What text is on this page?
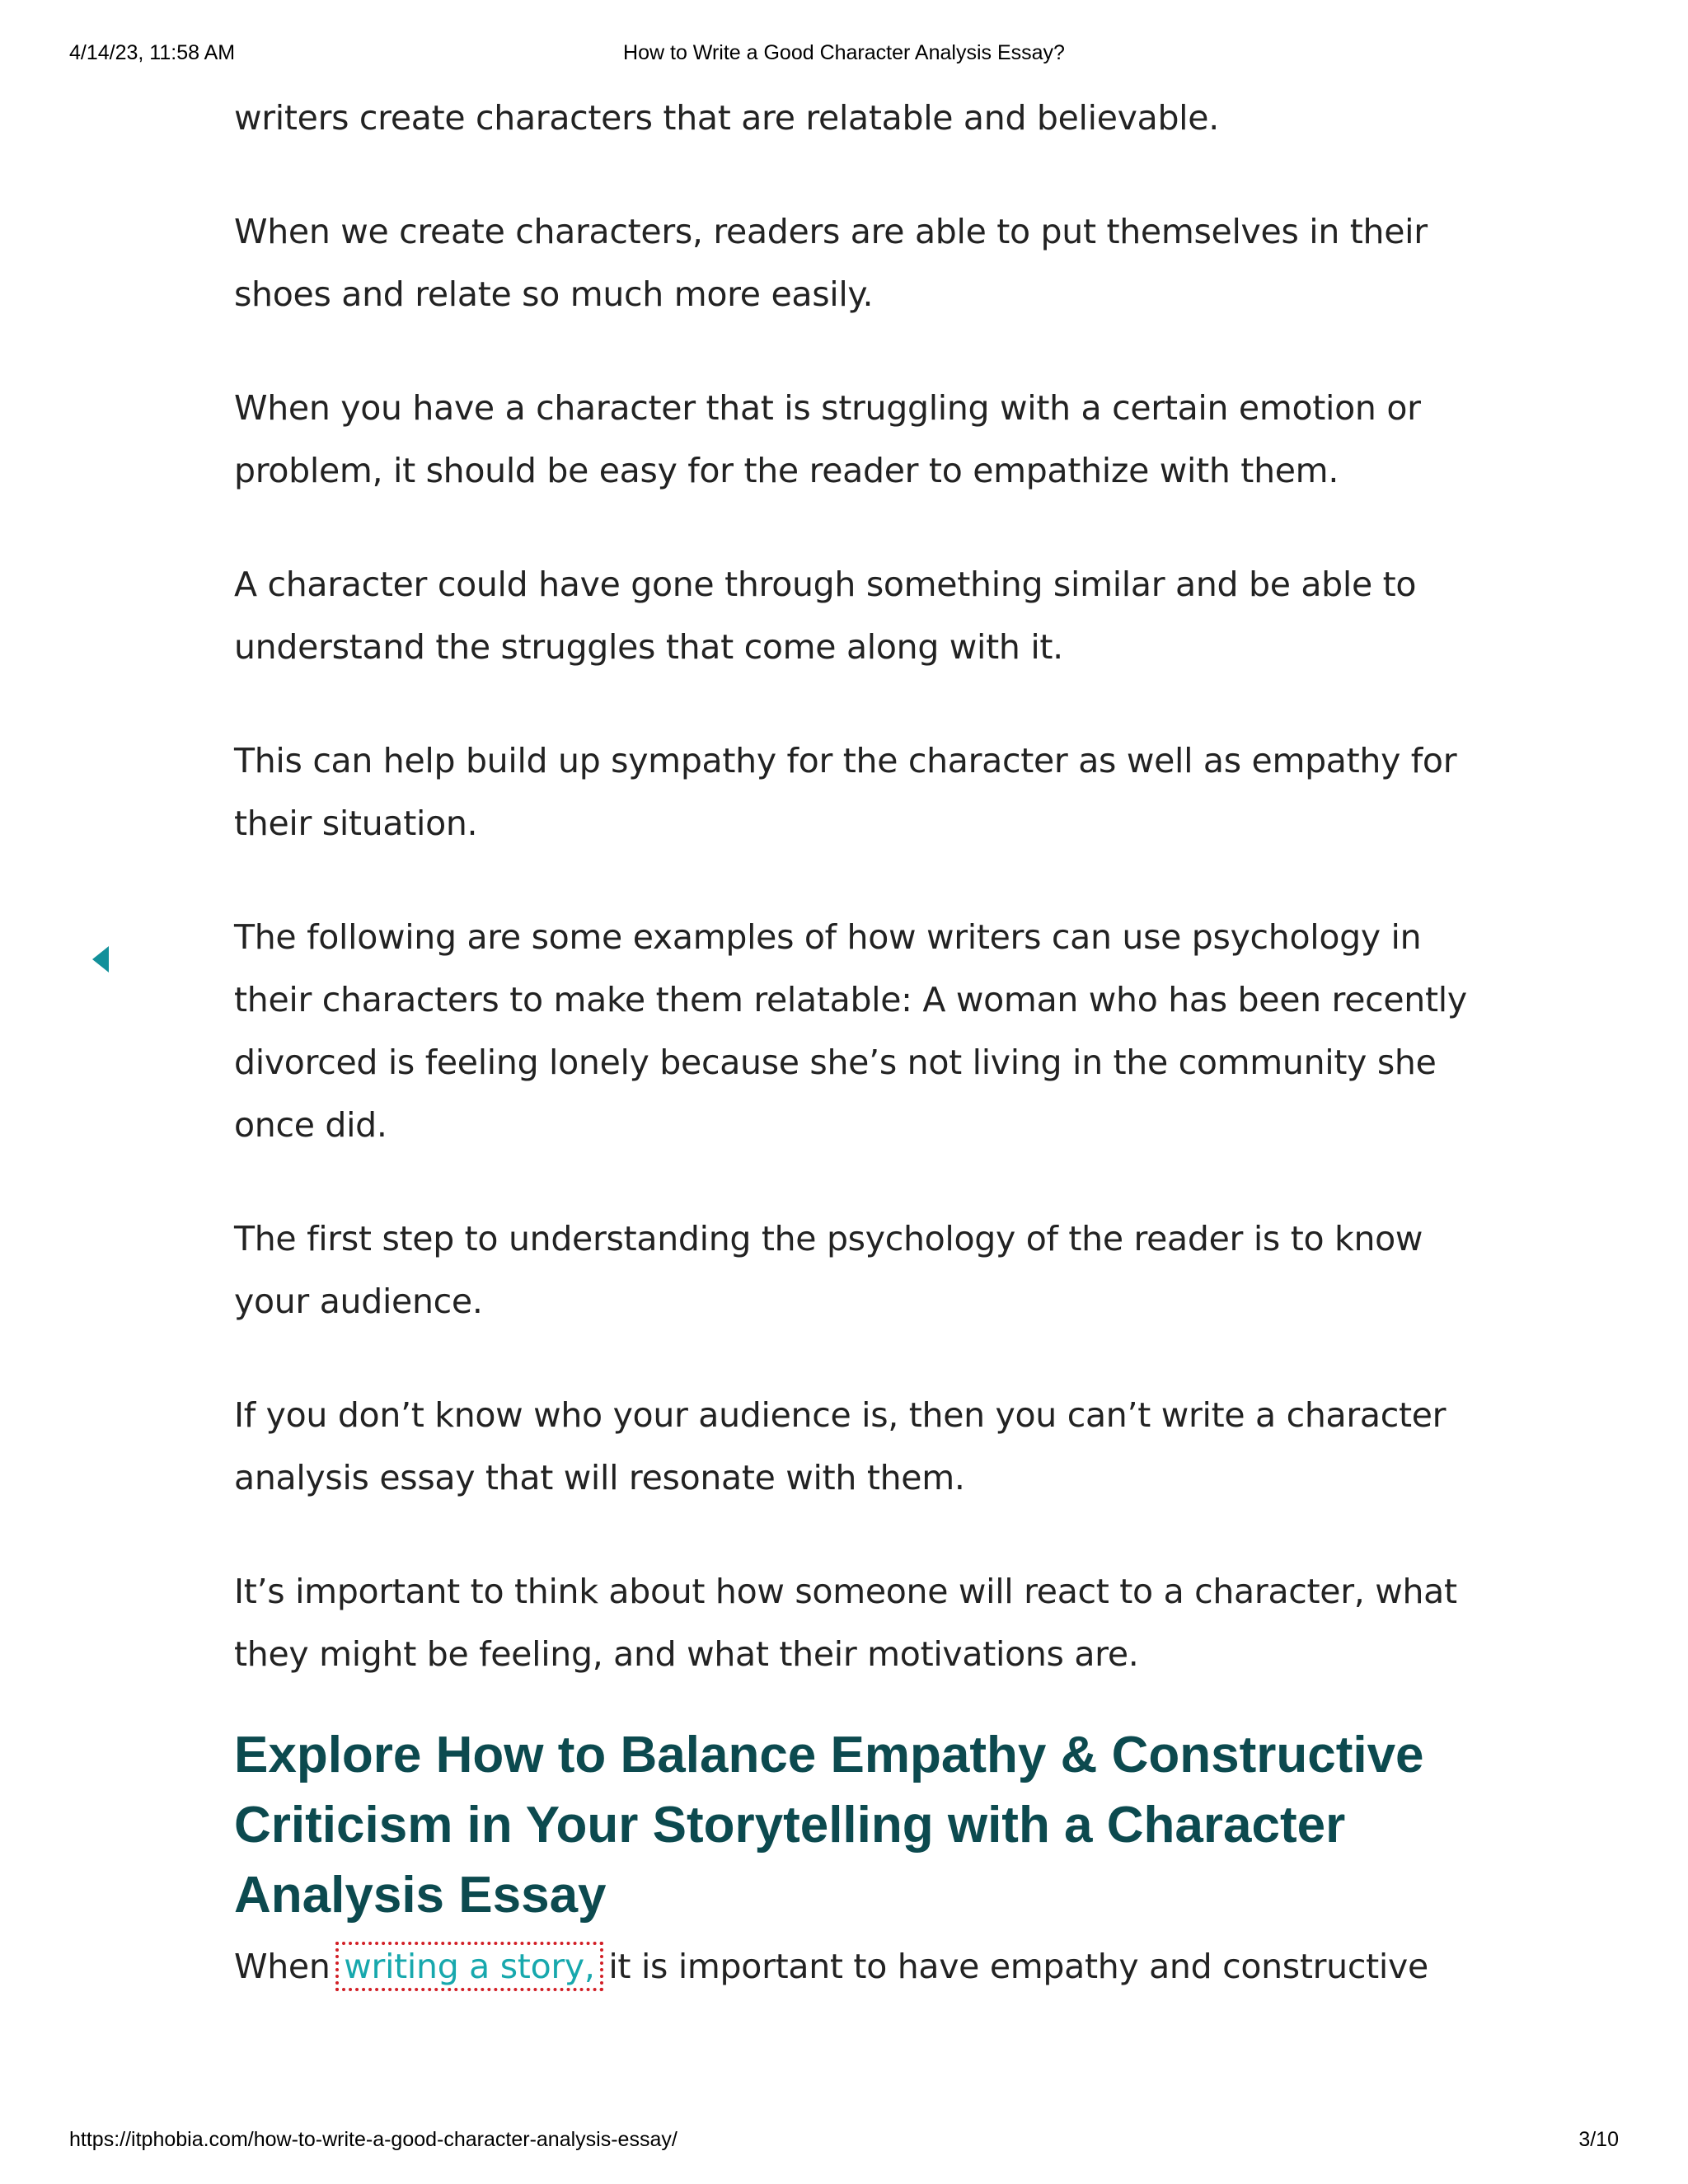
4/14/23, 11:58 AM	How to Write a Good Character Analysis Essay?

writers create characters that are relatable and believable.

When we create characters, readers are able to put themselves in their shoes and relate so much more easily.

When you have a character that is struggling with a certain emotion or problem, it should be easy for the reader to empathize with them.

A character could have gone through something similar and be able to understand the struggles that come along with it.

This can help build up sympathy for the character as well as empathy for their situation.

The following are some examples of how writers can use psychology in their characters to make them relatable: A woman who has been recently divorced is feeling lonely because she’s not living in the community she once did.

The first step to understanding the psychology of the reader is to know your audience.

If you don’t know who your audience is, then you can’t write a character analysis essay that will resonate with them.

It’s important to think about how someone will react to a character, what they might be feeling, and what their motivations are.

Explore How to Balance Empathy & Constructive Criticism in Your Storytelling with a Character Analysis Essay

When writing a story, it is important to have empathy and constructive

https://itphobia.com/how-to-write-a-good-character-analysis-essay/	3/10
